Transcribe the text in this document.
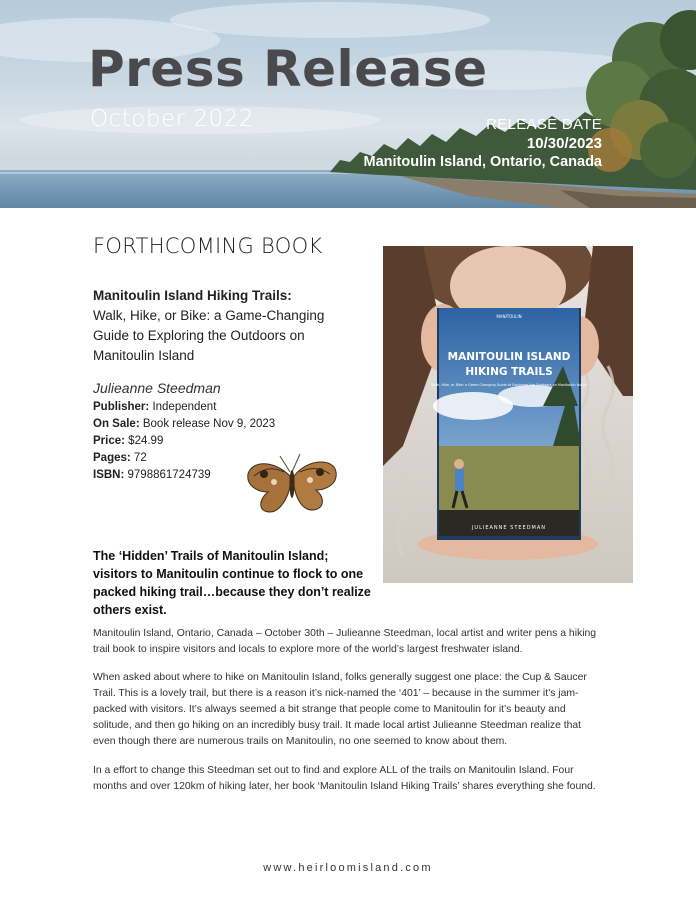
Press Release
October 2022	RELEASE DATE
10/30/2023
Manitoulin Island, Ontario, Canada
FORTHCOMING BOOK
Manitoulin Island Hiking Trails:
Walk, Hike, or Bike: a Game-Changing Guide to Exploring the Outdoors on Manitoulin Island
Julieanne Steedman
Publisher: Independent
On Sale: Book release Nov 9, 2023
Price: $24.99
Pages: 72
ISBN: 9798861724739
MANITOULIN
MANITOULIN ISLAND
HIKING TRAILS
Walk, Hike, or Bike: a Game-Changing Guide to Exploring the Outdoors on Manitoulin Island
JULIEANNE STEEDMAN
The ‘Hidden’ Trails of Manitoulin Island; visitors to Manitoulin continue to flock to one packed hiking trail…because they don’t realize others exist.

Manitoulin Island, Ontario, Canada – October 30th – Julieanne Steedman, local artist and writer pens a hiking trail book to inspire visitors and locals to explore more of the world’s largest freshwater island.

When asked about where to hike on Manitoulin Island, folks generally suggest one place: the Cup & Saucer Trail. This is a lovely trail, but there is a reason it’s nick-named the ‘401’ – because in the summer it’s jam-packed with visitors. It’s always seemed a bit strange that people come to Manitoulin for it’s beauty and solitude, and then go hiking on an incredibly busy trail. It made local artist Julieanne Steedman realize that even though there are numerous trails on Manitoulin, no one seemed to know about them.

In a effort to change this Steedman set out to find and explore ALL of the trails on Manitoulin Island. Four months and over 120km of hiking later, her book ‘Manitoulin Island Hiking Trails’ shares everything she found.

www.heirloomisland.com
